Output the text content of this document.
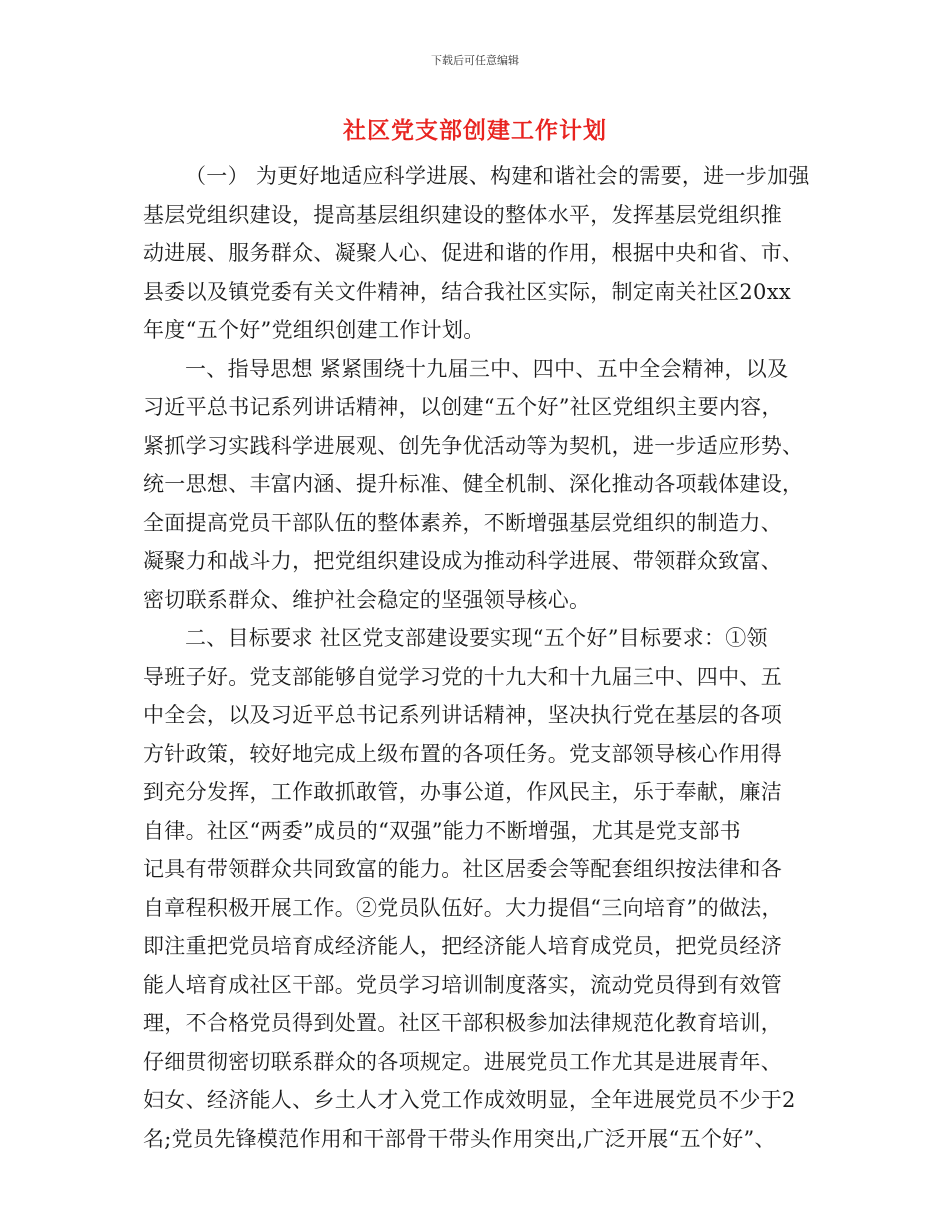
下载后可任意编辑
社区党支部创建工作计划
（一） 为更好地适应科学进展、构建和谐社会的需要，进一步加强
基层党组织建设，提高基层组织建设的整体水平，发挥基层党组织推
动进展、服务群众、凝聚人心、促进和谐的作用，根据中央和省、市、
县委以及镇党委有关文件精神，结合我社区实际，制定南关社区20xx
年度“五个好”党组织创建工作计划。
一、指导思想 紧紧围绕十九届三中、四中、五中全会精神，以及
习近平总书记系列讲话精神，以创建“五个好”社区党组织主要内容，
紧抓学习实践科学进展观、创先争优活动等为契机，进一步适应形势、
统一思想、丰富内涵、提升标准、健全机制、深化推动各项载体建设，
全面提高党员干部队伍的整体素养，不断增强基层党组织的制造力、
凝聚力和战斗力，把党组织建设成为推动科学进展、带领群众致富、
密切联系群众、维护社会稳定的坚强领导核心。
二、目标要求 社区党支部建设要实现“五个好”目标要求：①领
导班子好。党支部能够自觉学习党的十九大和十九届三中、四中、五
中全会，以及习近平总书记系列讲话精神，坚决执行党在基层的各项
方针政策，较好地完成上级布置的各项任务。党支部领导核心作用得
到充分发挥，工作敢抓敢管，办事公道，作风民主，乐于奉献，廉洁
自律。社区“两委”成员的“双强”能力不断增强，尤其是党支部书
记具有带领群众共同致富的能力。社区居委会等配套组织按法律和各
自章程积极开展工作。②党员队伍好。大力提倡“三向培育”的做法，
即注重把党员培育成经济能人，把经济能人培育成党员，把党员经济
能人培育成社区干部。党员学习培训制度落实，流动党员得到有效管
理，不合格党员得到处置。社区干部积极参加法律规范化教育培训，
仔细贯彻密切联系群众的各项规定。进展党员工作尤其是进展青年、
妇女、经济能人、乡土人才入党工作成效明显，全年进展党员不少于2
名;党员先锋模范作用和干部骨干带头作用突出,广泛开展“五个好”、
